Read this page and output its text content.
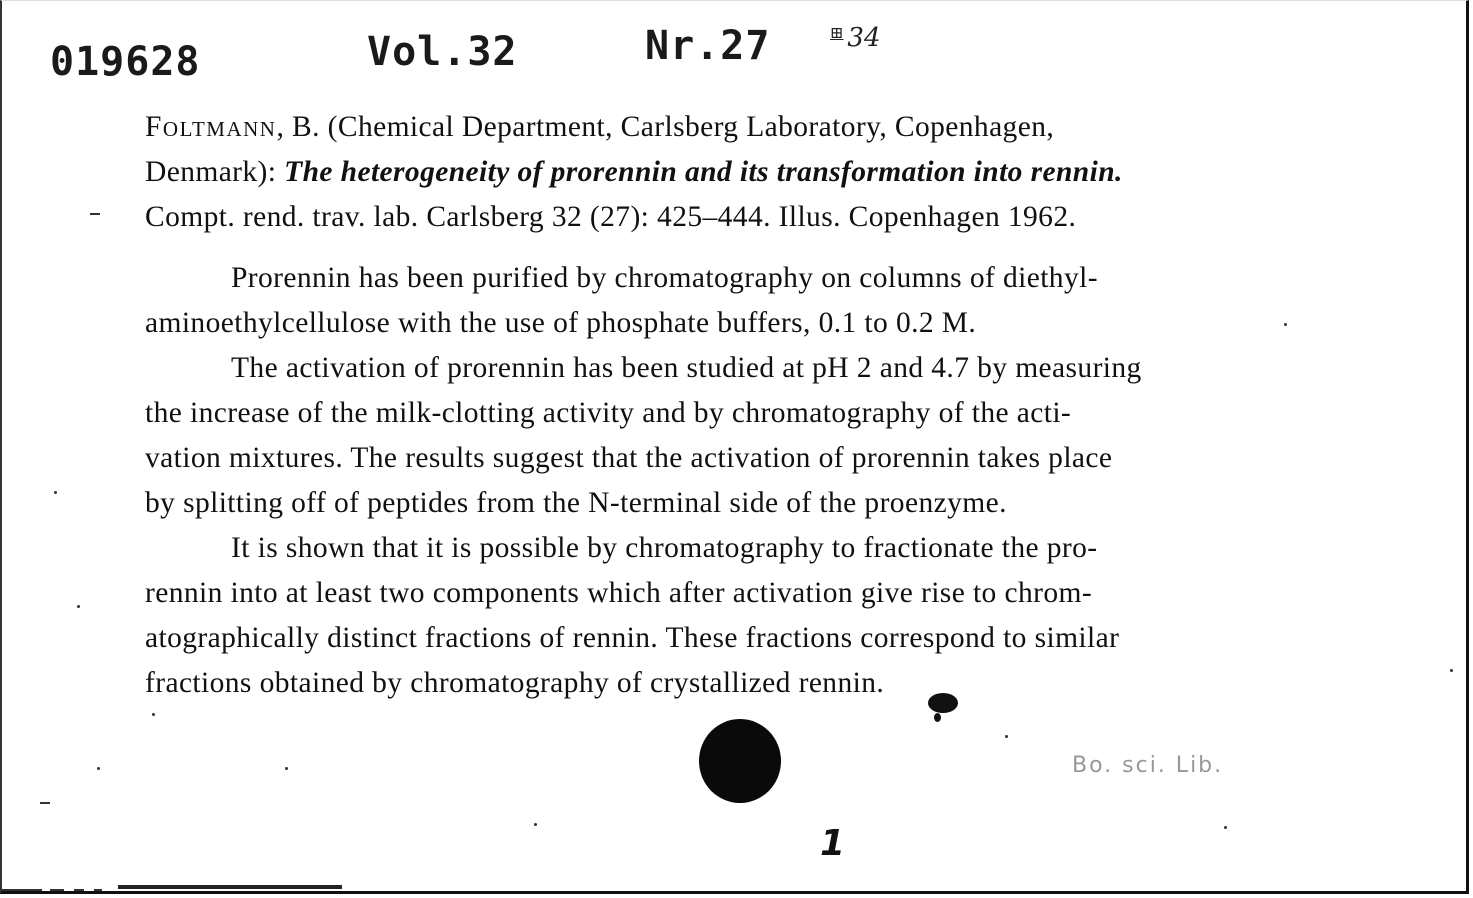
019628	Vol.32	Nr.27	⊞ 34
Foltmann, B. (Chemical Department, Carlsberg Laboratory, Copenhagen,
Denmark): The heterogeneity of prorennin and its transformation into rennin.
Compt. rend. trav. lab. Carlsberg 32 (27): 425–444. Illus. Copenhagen 1962.
Prorennin has been purified by chromatography on columns of diethyl-
aminoethylcellulose with the use of phosphate buffers, 0.1 to 0.2 M.
The activation of prorennin has been studied at pH 2 and 4.7 by measuring
the increase of the milk-clotting activity and by chromatography of the acti-
vation mixtures. The results suggest that the activation of prorennin takes place
by splitting off of peptides from the N-terminal side of the proenzyme.
It is shown that it is possible by chromatography to fractionate the pro-
rennin into at least two components which after activation give rise to chrom-
atographically distinct fractions of rennin. These fractions correspond to similar
fractions obtained by chromatography of crystallized rennin.
Bo. sci. Lib.
1
